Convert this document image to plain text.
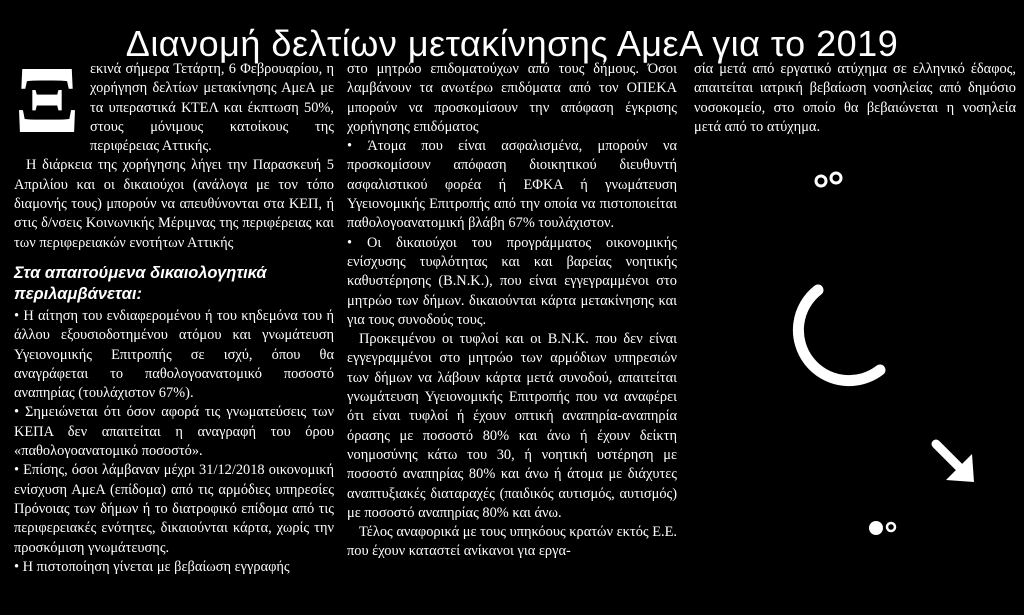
Διανομή δελτίων μετακίνησης ΑμεΑ για το 2019
Ξ εκινά σήμερα Τετάρτη, 6 Φεβρουαρίου, η χορήγηση δελτίων μετακίνησης ΑμεΑ με τα υπεραστικά ΚΤΕΛ και έκπτωση 50%, στους μόνιμους κατοίκους της περιφέρειας Αττικής.

Η διάρκεια της χορήγησης λήγει την Παρασκευή 5 Απριλίου και οι δικαιούχοι (ανάλογα με τον τόπο διαμονής τους) μπορούν να απευθύνονται στα ΚΕΠ, ή στις δ/νσεις Κοινωνικής Μέριμνας της περιφέρειας και των περιφερειακών ενοτήτων Αττικής

Στα απαιτούμενα δικαιολογητικά περιλαμβάνεται:

• Η αίτηση του ενδιαφερομένου ή του κηδεμόνα του ή άλλου εξουσιοδοτημένου ατόμου και γνωμάτευση Υγειονομικής Επιτροπής σε ισχύ, όπου θα αναγράφεται το παθολογοανατομικό ποσοστό αναπηρίας (τουλάχιστον 67%).

• Σημειώνεται ότι όσον αφορά τις γνωματεύσεις των ΚΕΠΑ δεν απαιτείται η αναγραφή του όρου «παθολογοανατομικό ποσοστό».

• Επίσης, όσοι λάμβαναν μέχρι 31/12/2018 οικονομική ενίσχυση ΑμεΑ (επίδομα) από τις αρμόδιες υπηρεσίες Πρόνοιας των δήμων ή το διατροφικό επίδομα από τις περιφερειακές ενότητες, δικαιούνται κάρτα, χωρίς την προσκόμιση γνωμάτευσης.

• Η πιστοποίηση γίνεται με βεβαίωση εγγραφής

στο μητρώο επιδοματούχων από τους δήμους. Όσοι λαμβάνουν τα ανωτέρω επιδόματα από τον ΟΠΕΚΑ μπορούν να προσκομίσουν την απόφαση έγκρισης χορήγησης επιδόματος

• Άτομα που είναι ασφαλισμένα, μπορούν να προσκομίσουν απόφαση διοικητικού διευθυντή ασφαλιστικού φορέα ή ΕΦΚΑ ή γνωμάτευση Υγειονομικής Επιτροπής από την οποία να πιστοποιείται παθολογοανατομική βλάβη 67% τουλάχιστον.

• Οι δικαιούχοι του προγράμματος οικονομικής ενίσχυσης τυφλότητας και και βαρείας νοητικής καθυστέρησης (Β.Ν.Κ.), που είναι εγγεγραμμένοι στο μητρώο των δήμων. δικαιούνται κάρτα μετακίνησης και για τους συνοδούς τους.

Προκειμένου οι τυφλοί και οι Β.Ν.Κ. που δεν είναι εγγεγραμμένοι στο μητρώο των αρμόδιων υπηρεσιών των δήμων να λάβουν κάρτα μετά συνοδού, απαιτείται γνωμάτευση Υγειονομικής Επιτροπής που να αναφέρει ότι είναι τυφλοί ή έχουν οπτική αναπηρία-αναπηρία όρασης με ποσοστό 80% και άνω ή έχουν δείκτη νοημοσύνης κάτω του 30, ή νοητική υστέρηση με ποσοστό αναπηρίας 80% και άνω ή άτομα με διάχυτες αναπτυξιακές διαταραχές (παιδικός αυτισμός, αυτισμός) με ποσοστό αναπηρίας 80% και άνω.

Τέλος αναφορικά με τους υπηκόους κρατών εκτός Ε.Ε. που έχουν καταστεί ανίκανοι για εργα-

σία μετά από εργατικό ατύχημα σε ελληνικό έδαφος, απαιτείται ιατρική βεβαίωση νοσηλείας από δημόσιο νοσοκομείο, στο οποίο θα βεβαιώνεται η νοσηλεία μετά από το ατύχημα.
